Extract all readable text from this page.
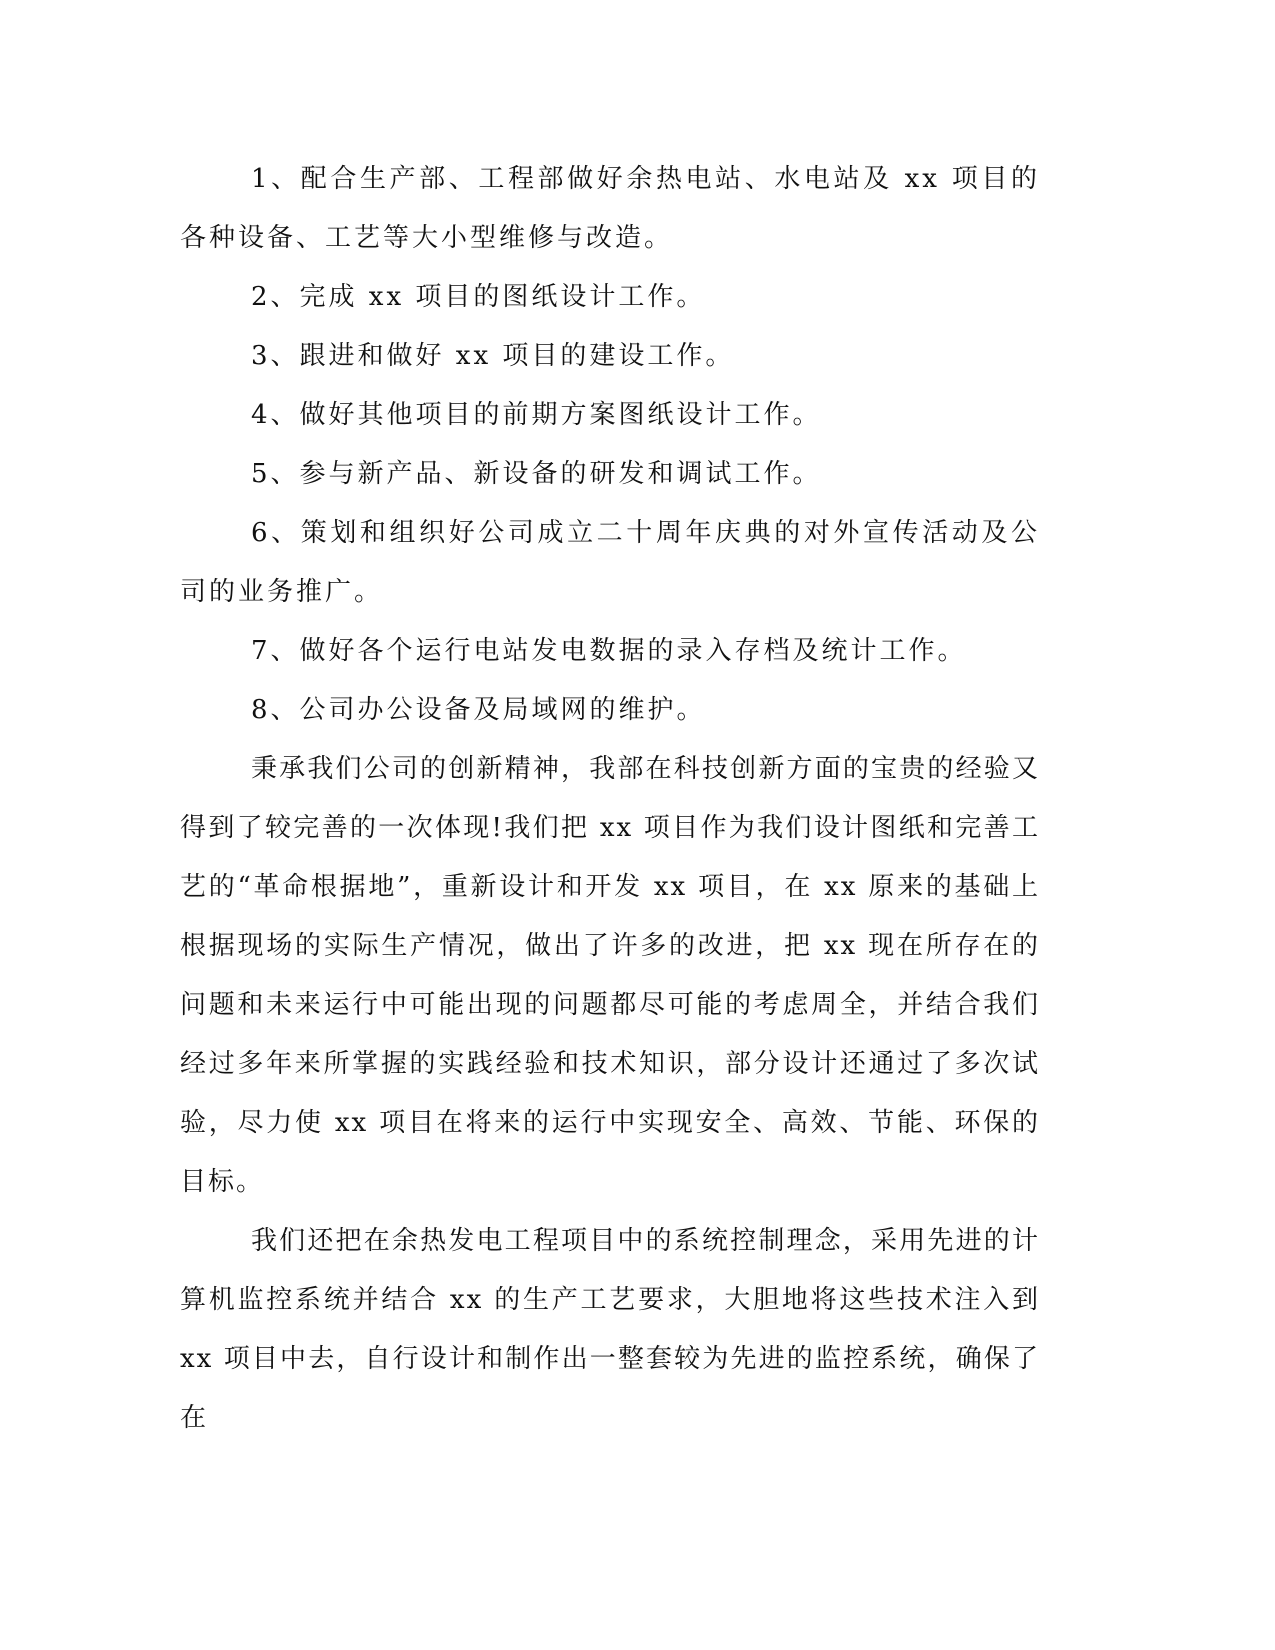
1、配合生产部、工程部做好余热电站、水电站及 xx 项目的各种设备、工艺等大小型维修与改造。

2、完成 xx 项目的图纸设计工作。

3、跟进和做好 xx 项目的建设工作。

4、做好其他项目的前期方案图纸设计工作。

5、参与新产品、新设备的研发和调试工作。

6、策划和组织好公司成立二十周年庆典的对外宣传活动及公司的业务推广。

7、做好各个运行电站发电数据的录入存档及统计工作。

8、公司办公设备及局域网的维护。

秉承我们公司的创新精神，我部在科技创新方面的宝贵的经验又得到了较完善的一次体现!我们把 xx 项目作为我们设计图纸和完善工艺的“革命根据地”，重新设计和开发 xx 项目，在 xx 原来的基础上根据现场的实际生产情况，做出了许多的改进，把 xx 现在所存在的问题和未来运行中可能出现的问题都尽可能的考虑周全，并结合我们经过多年来所掌握的实践经验和技术知识，部分设计还通过了多次试验，尽力使 xx 项目在将来的运行中实现安全、高效、节能、环保的目标。

我们还把在余热发电工程项目中的系统控制理念，采用先进的计算机监控系统并结合 xx 的生产工艺要求，大胆地将这些技术注入到 xx 项目中去，自行设计和制作出一整套较为先进的监控系统，确保了在
